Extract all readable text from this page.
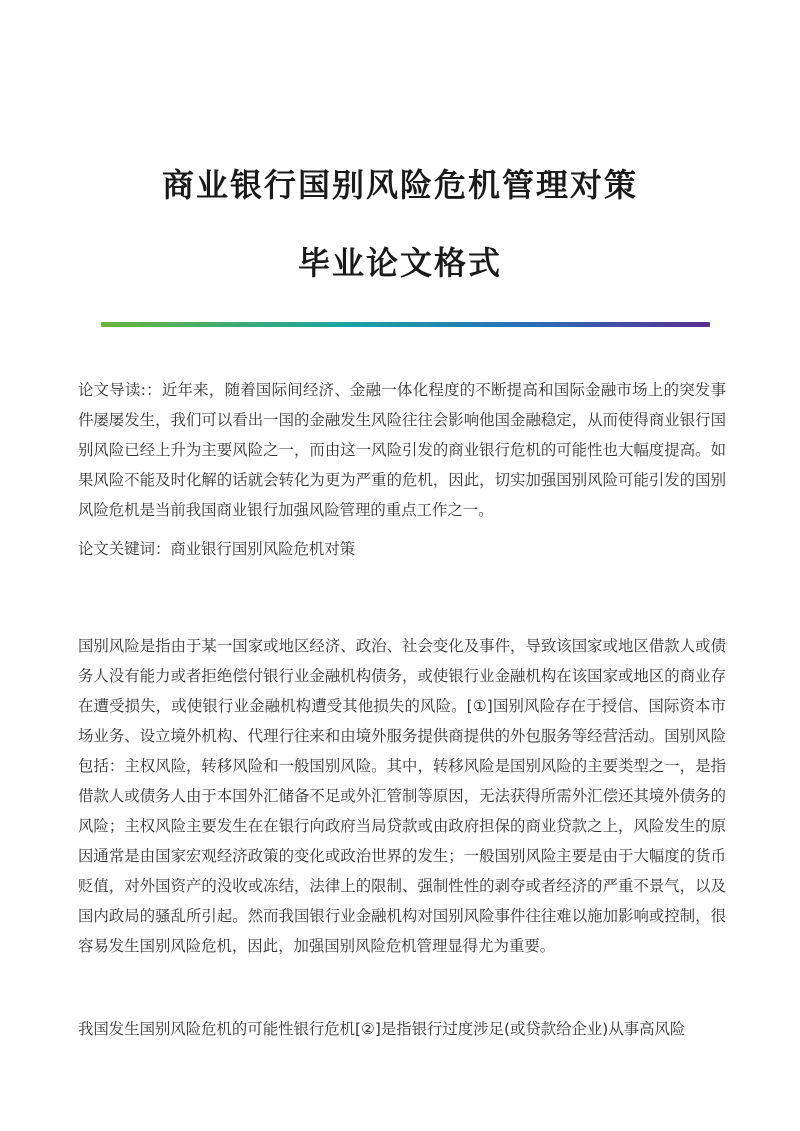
商业银行国别风险危机管理对策
毕业论文格式

论文导读:：近年来，随着国际间经济、金融一体化程度的不断提高和国际金融市场上的突发事件屡屡发生，我们可以看出一国的金融发生风险往往会影响他国金融稳定，从而使得商业银行国别风险已经上升为主要风险之一，而由这一风险引发的商业银行危机的可能性也大幅度提高。如果风险不能及时化解的话就会转化为更为严重的危机，因此，切实加强国别风险可能引发的国别风险危机是当前我国商业银行加强风险管理的重点工作之一。

论文关键词：商业银行国别风险危机对策

国别风险是指由于某一国家或地区经济、政治、社会变化及事件，导致该国家或地区借款人或债务人没有能力或者拒绝偿付银行业金融机构债务，或使银行业金融机构在该国家或地区的商业存在遭受损失，或使银行业金融机构遭受其他损失的风险。[①]国别风险存在于授信、国际资本市场业务、设立境外机构、代理行往来和由境外服务提供商提供的外包服务等经营活动。国别风险包括：主权风险，转移风险和一般国别风险。其中，转移风险是国别风险的主要类型之一，是指借款人或债务人由于本国外汇储备不足或外汇管制等原因，无法获得所需外汇偿还其境外债务的风险；主权风险主要发生在在银行向政府当局贷款或由政府担保的商业贷款之上，风险发生的原因通常是由国家宏观经济政策的变化或政治世界的发生；一般国别风险主要是由于大幅度的货币贬值，对外国资产的没收或冻结，法律上的限制、强制性性的剥夺或者经济的严重不景气，以及国内政局的骚乱所引起。然而我国银行业金融机构对国别风险事件往往难以施加影响或控制，很容易发生国别风险危机，因此，加强国别风险危机管理显得尤为重要。

我国发生国别风险危机的可能性银行危机[②]是指银行过度涉足(或贷款给企业)从事高风险
